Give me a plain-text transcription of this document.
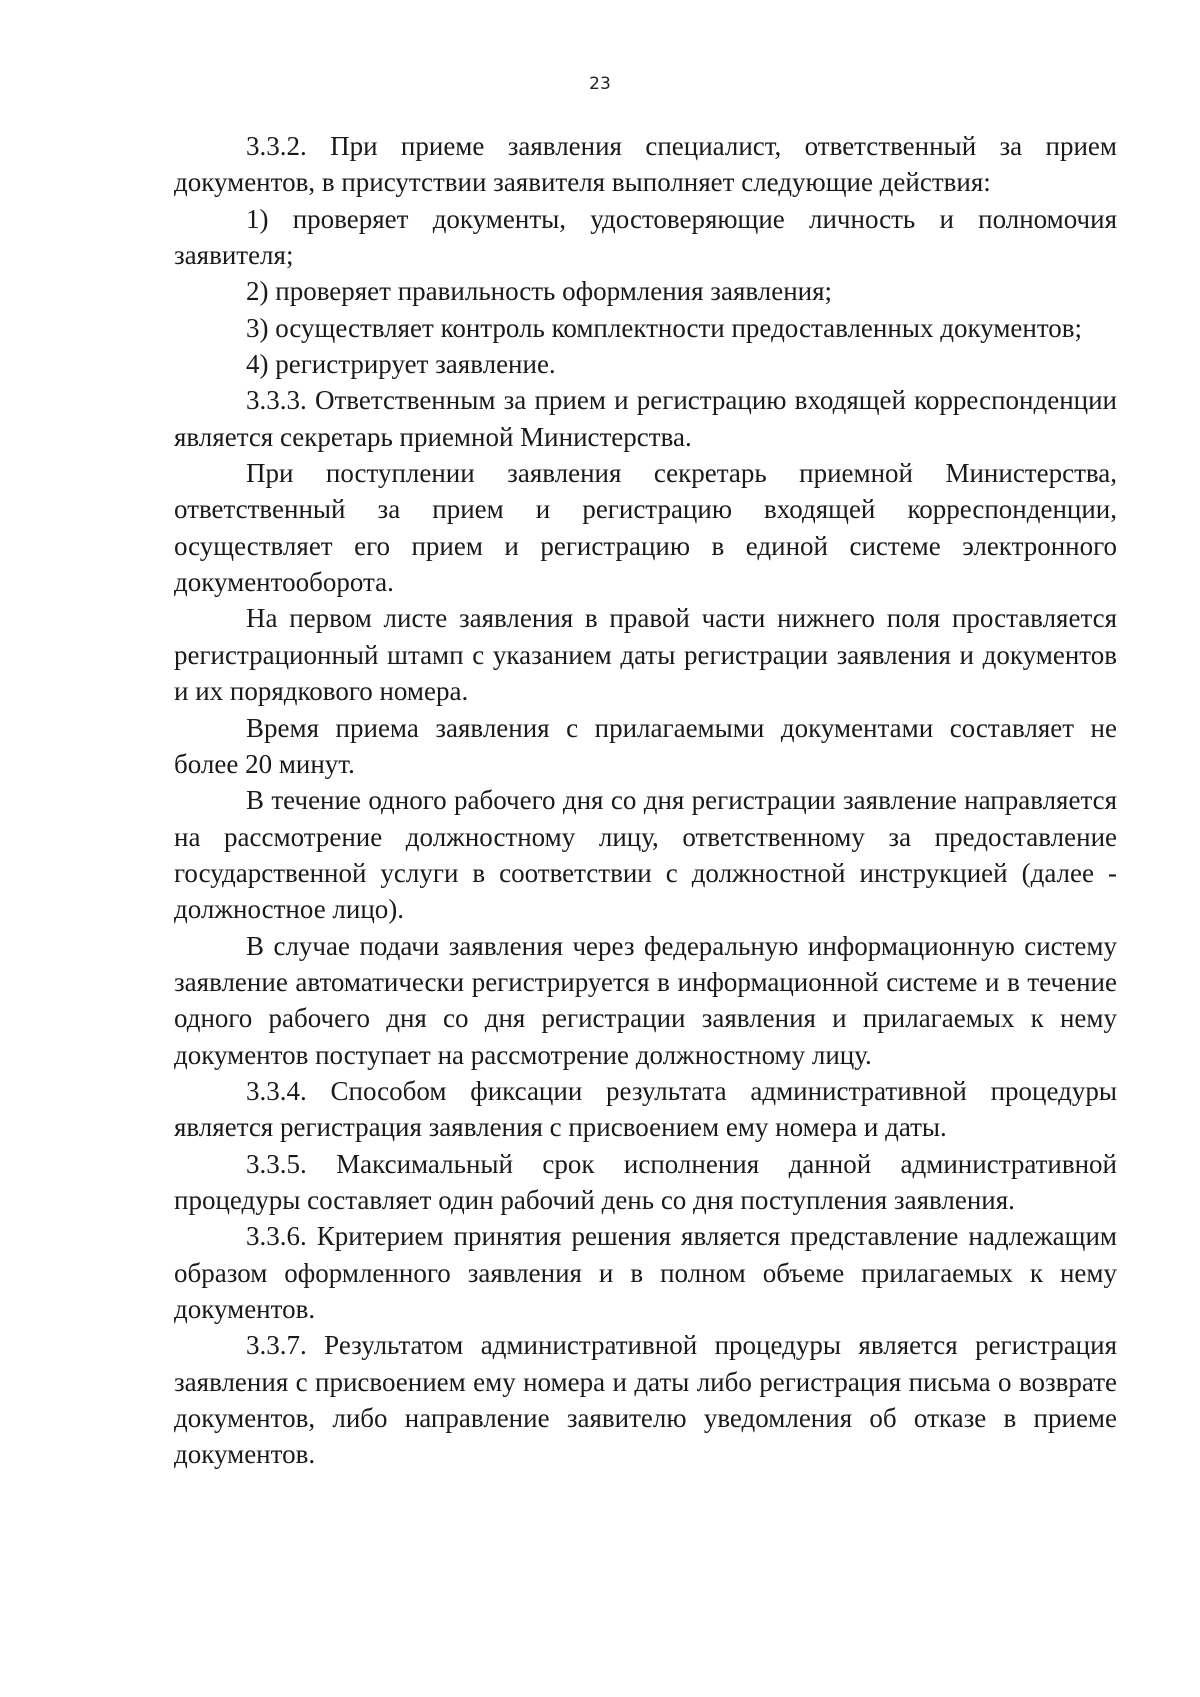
23

3.3.2. При приеме заявления специалист, ответственный за прием документов, в присутствии заявителя выполняет следующие действия:

1) проверяет документы, удостоверяющие личность и полномочия заявителя;

2) проверяет правильность оформления заявления;

3) осуществляет контроль комплектности предоставленных документов;

4) регистрирует заявление.

3.3.3. Ответственным за прием и регистрацию входящей корреспонденции является секретарь приемной Министерства.

При поступлении заявления секретарь приемной Министерства, ответственный за прием и регистрацию входящей корреспонденции, осуществляет его прием и регистрацию в единой системе электронного документооборота.

На первом листе заявления в правой части нижнего поля проставляется регистрационный штамп с указанием даты регистрации заявления и документов и их порядкового номера.

Время приема заявления с прилагаемыми документами составляет не более 20 минут.

В течение одного рабочего дня со дня регистрации заявление направляется на рассмотрение должностному лицу, ответственному за предоставление государственной услуги в соответствии с должностной инструкцией (далее - должностное лицо).

В случае подачи заявления через федеральную информационную систему заявление автоматически регистрируется в информационной системе и в течение одного рабочего дня со дня регистрации заявления и прилагаемых к нему документов поступает на рассмотрение должностному лицу.

3.3.4. Способом фиксации результата административной процедуры является регистрация заявления с присвоением ему номера и даты.

3.3.5. Максимальный срок исполнения данной административной процедуры составляет один рабочий день со дня поступления заявления.

3.3.6. Критерием принятия решения является представление надлежащим образом оформленного заявления и в полном объеме прилагаемых к нему документов.

3.3.7. Результатом административной процедуры является регистрация заявления с присвоением ему номера и даты либо регистрация письма о возврате документов, либо направление заявителю уведомления об отказе в приеме документов.
